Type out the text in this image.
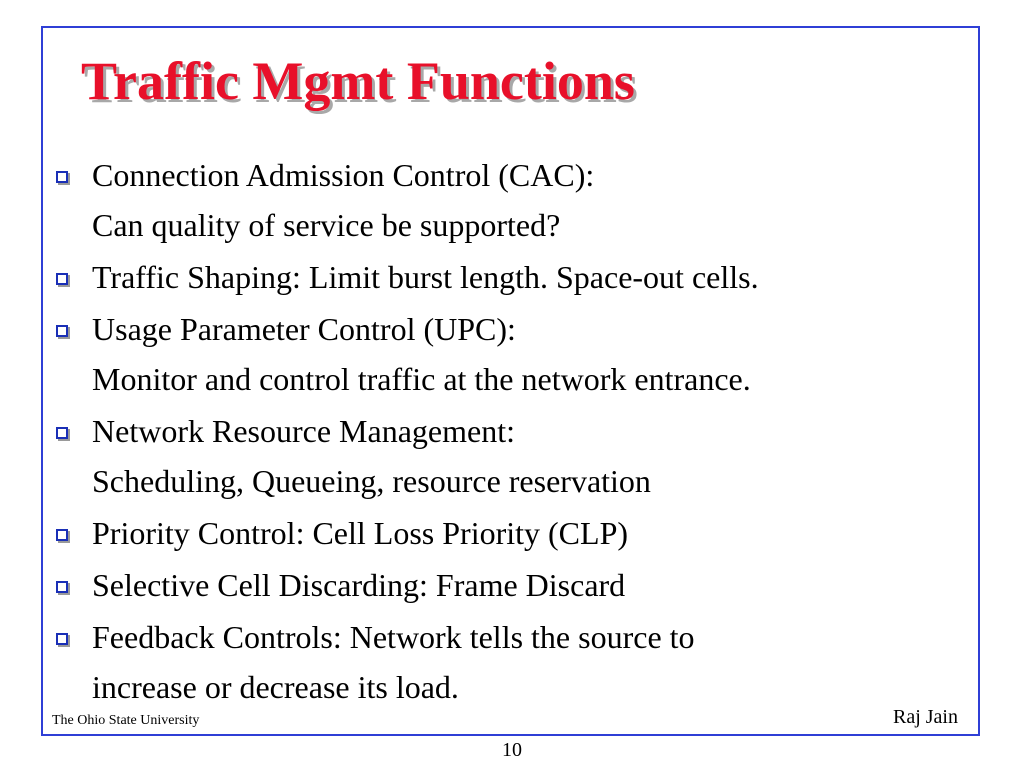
Traffic Mgmt Functions
Connection Admission Control (CAC):
Can quality of service be supported?
Traffic Shaping: Limit burst length. Space-out cells.
Usage Parameter Control (UPC):
Monitor and control traffic at the network entrance.
Network Resource Management:
Scheduling, Queueing, resource reservation
Priority Control: Cell Loss Priority (CLP)
Selective Cell Discarding: Frame Discard
Feedback Controls: Network tells the source to
increase or decrease its load.
The Ohio State University	Raj Jain
10
